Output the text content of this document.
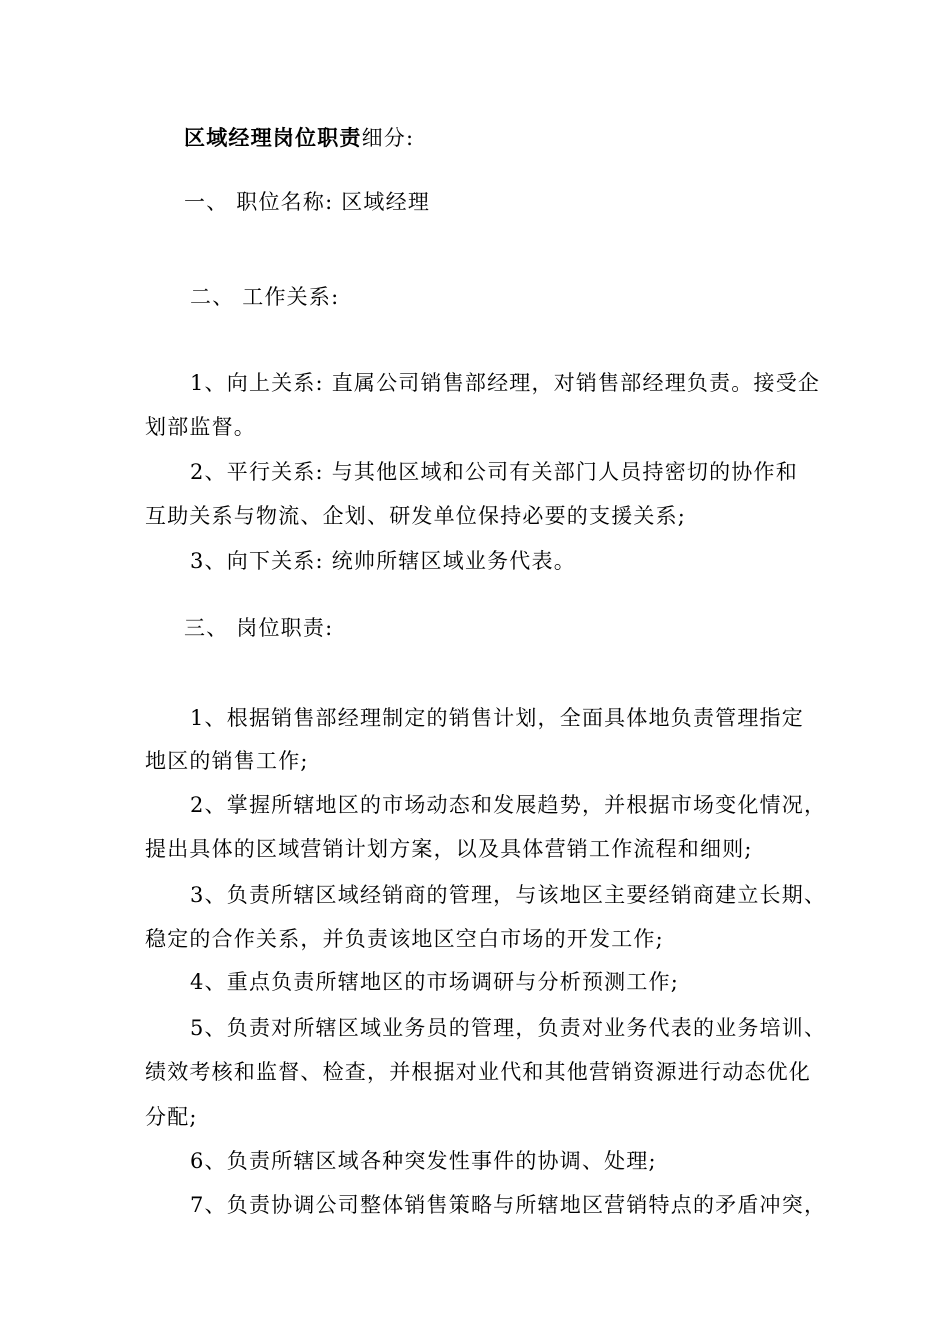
区域经理岗位职责细分:
一、 职位名称: 区域经理
二、 工作关系:
1、向上关系: 直属公司销售部经理，对销售部经理负责。接受企
划部监督。
2、平行关系: 与其他区域和公司有关部门人员持密切的协作和
互助关系与物流、企划、研发单位保持必要的支援关系;
3、向下关系: 统帅所辖区域业务代表。
三、 岗位职责:
1、根据销售部经理制定的销售计划，全面具体地负责管理指定
地区的销售工作;
2、掌握所辖地区的市场动态和发展趋势，并根据市场变化情况，
提出具体的区域营销计划方案，以及具体营销工作流程和细则;
3、负责所辖区域经销商的管理，与该地区主要经销商建立长期、
稳定的合作关系，并负责该地区空白市场的开发工作;
4、重点负责所辖地区的市场调研与分析预测工作;
5、负责对所辖区域业务员的管理，负责对业务代表的业务培训、
绩效考核和监督、检查，并根据对业代和其他营销资源进行动态优化
分配;
6、负责所辖区域各种突发性事件的协调、处理;
7、负责协调公司整体销售策略与所辖地区营销特点的矛盾冲突，
